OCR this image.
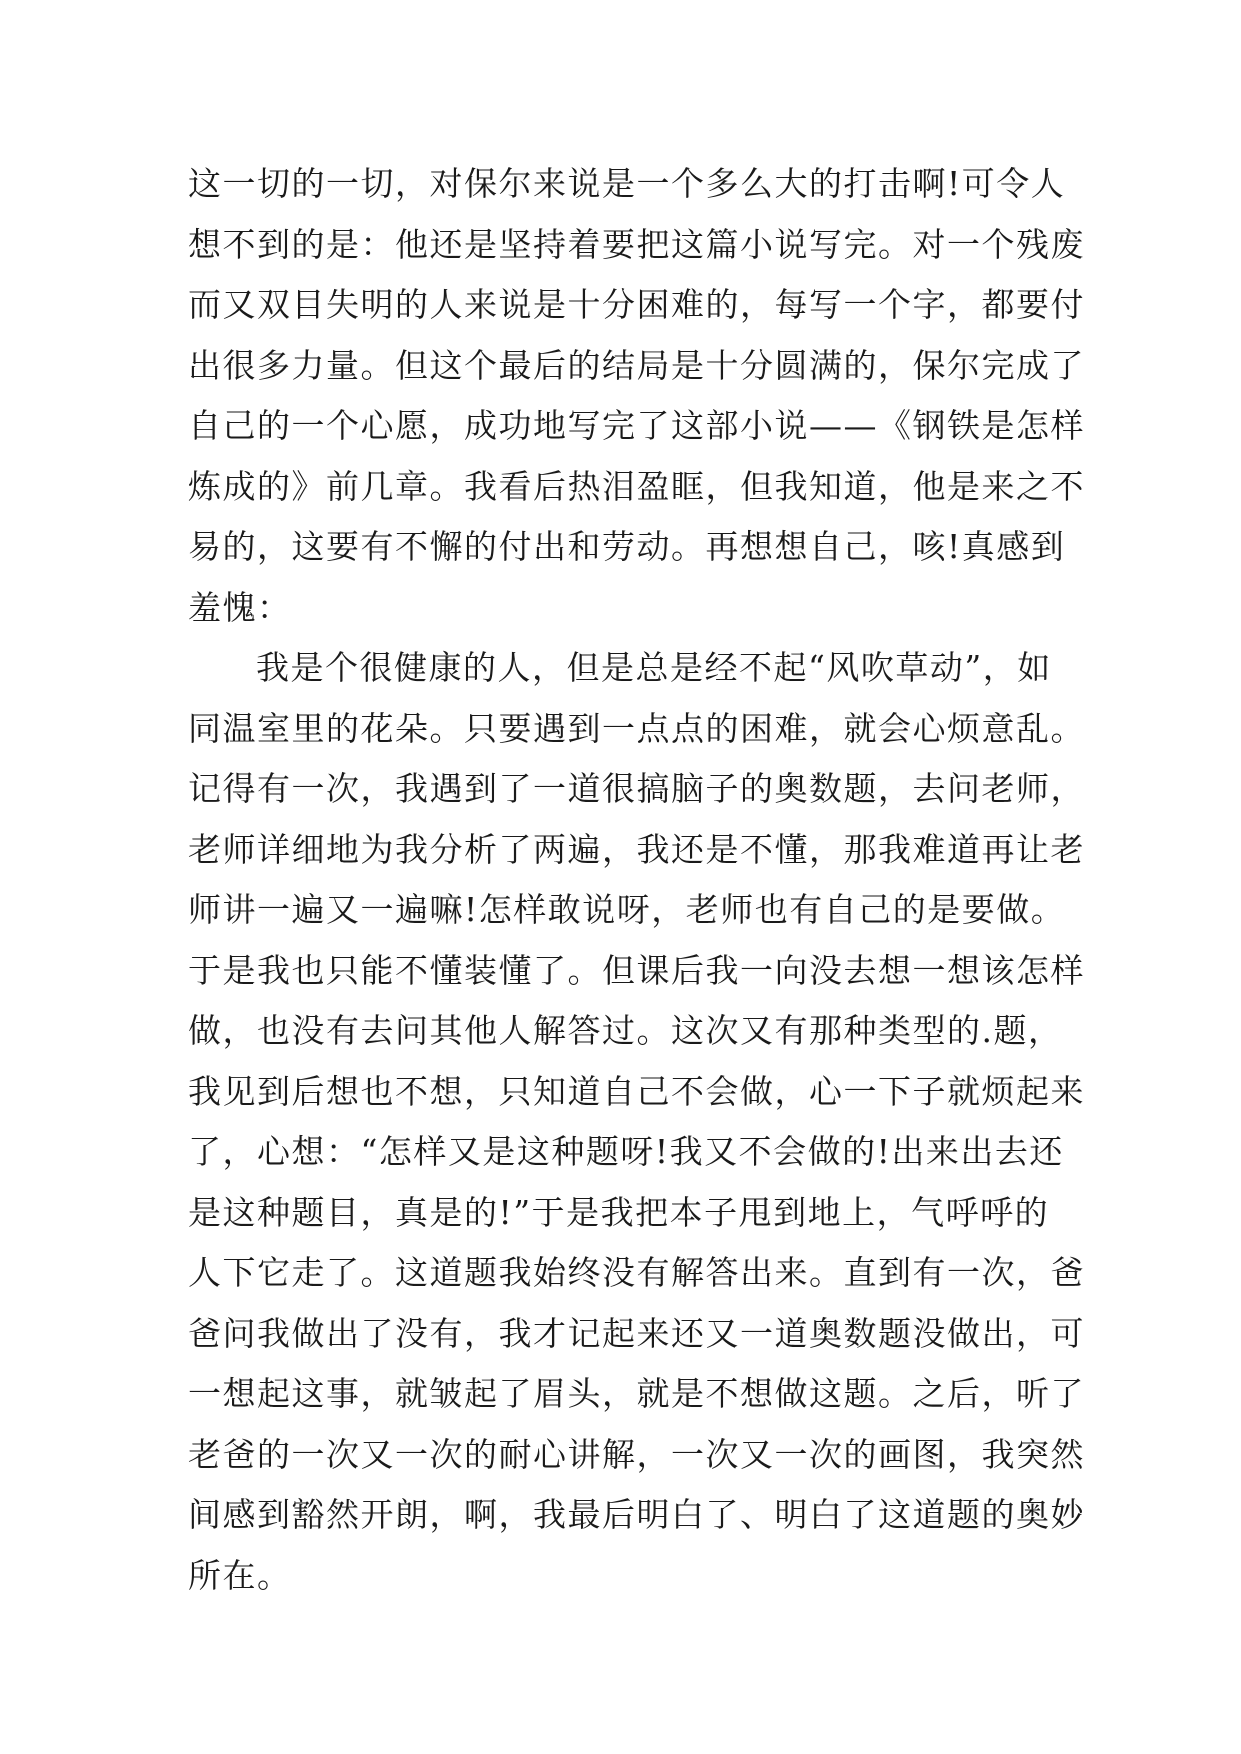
这一切的一切，对保尔来说是一个多么大的打击啊!可令人
想不到的是：他还是坚持着要把这篇小说写完。对一个残废
而又双目失明的人来说是十分困难的，每写一个字，都要付
出很多力量。但这个最后的结局是十分圆满的，保尔完成了
自己的一个心愿，成功地写完了这部小说——《钢铁是怎样
炼成的》前几章。我看后热泪盈眶，但我知道，他是来之不
易的，这要有不懈的付出和劳动。再想想自己，咳!真感到
羞愧：
我是个很健康的人，但是总是经不起“风吹草动”，如
同温室里的花朵。只要遇到一点点的困难，就会心烦意乱。
记得有一次，我遇到了一道很搞脑子的奥数题，去问老师，
老师详细地为我分析了两遍，我还是不懂，那我难道再让老
师讲一遍又一遍嘛!怎样敢说呀，老师也有自己的是要做。
于是我也只能不懂装懂了。但课后我一向没去想一想该怎样
做，也没有去问其他人解答过。这次又有那种类型的.题，
我见到后想也不想，只知道自己不会做，心一下子就烦起来
了，心想：“怎样又是这种题呀!我又不会做的!出来出去还
是这种题目，真是的!”于是我把本子甩到地上，气呼呼的
人下它走了。这道题我始终没有解答出来。直到有一次，爸
爸问我做出了没有，我才记起来还又一道奥数题没做出，可
一想起这事，就皱起了眉头，就是不想做这题。之后，听了
老爸的一次又一次的耐心讲解，一次又一次的画图，我突然
间感到豁然开朗，啊，我最后明白了、明白了这道题的奥妙
所在。
